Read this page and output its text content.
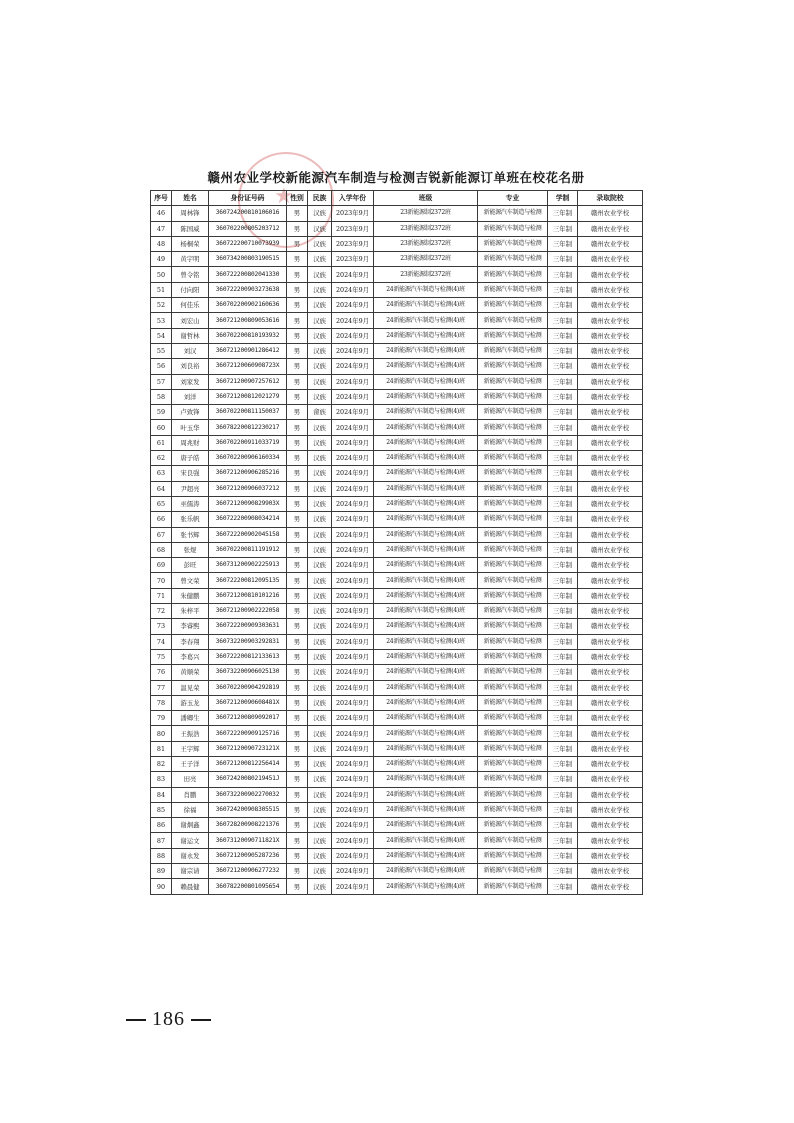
★
赣州农业学校新能源汽车制造与检测吉锐新能源订单班在校花名册
序号	姓名	身份证号码	性别	民族	入学年份	班级	专业	学制	录取院校
46	周林锋	360724200810106016	男	汉族	2023年9月	23新能源制2372班	新能源汽车制造与检测	三年制	赣州农业学校
47	陈国威	360702200805203712	男	汉族	2023年9月	23新能源制2372班	新能源汽车制造与检测	三年制	赣州农业学校
48	杨桐荣	360722200710073939	男	汉族	2023年9月	23新能源制2372班	新能源汽车制造与检测	三年制	赣州农业学校
49	黄宇明	360734200803190515	男	汉族	2023年9月	23新能源制2372班	新能源汽车制造与检测	三年制	赣州农业学校
50	曾令铭	360722200802041330	男	汉族	2024年9月	23新能源制2372班	新能源汽车制造与检测	三年制	赣州农业学校
51	付向阳	360722200903273638	男	汉族	2024年9月	24新能源汽车制造与检测(4)班	新能源汽车制造与检测	三年制	赣州农业学校
52	何佳乐	360702200902160636	男	汉族	2024年9月	24新能源汽车制造与检测(4)班	新能源汽车制造与检测	三年制	赣州农业学校
53	刘宏山	360721200809053616	男	汉族	2024年9月	24新能源汽车制造与检测(4)班	新能源汽车制造与检测	三年制	赣州农业学校
54	谢哲林	360702200810193932	男	汉族	2024年9月	24新能源汽车制造与检测(4)班	新能源汽车制造与检测	三年制	赣州农业学校
55	刘汉	360721200901286412	男	汉族	2024年9月	24新能源汽车制造与检测(4)班	新能源汽车制造与检测	三年制	赣州农业学校
56	刘良裕	36072120060908723X	男	汉族	2024年9月	24新能源汽车制造与检测(4)班	新能源汽车制造与检测	三年制	赣州农业学校
57	刘家发	360721200907257612	男	汉族	2024年9月	24新能源汽车制造与检测(4)班	新能源汽车制造与检测	三年制	赣州农业学校
58	刘洋	360721200812021279	男	汉族	2024年9月	24新能源汽车制造与检测(4)班	新能源汽车制造与检测	三年制	赣州农业学校
59	卢致锋	360702200811150037	男	畲族	2024年9月	24新能源汽车制造与检测(4)班	新能源汽车制造与检测	三年制	赣州农业学校
60	叶玉华	360782200812230217	男	汉族	2024年9月	24新能源汽车制造与检测(4)班	新能源汽车制造与检测	三年制	赣州农业学校
61	周兆财	360702200911033719	男	汉族	2024年9月	24新能源汽车制造与检测(4)班	新能源汽车制造与检测	三年制	赣州农业学校
62	唐子皓	360702200906160334	男	汉族	2024年9月	24新能源汽车制造与检测(4)班	新能源汽车制造与检测	三年制	赣州农业学校
63	宋良强	360721200906285216	男	汉族	2024年9月	24新能源汽车制造与检测(4)班	新能源汽车制造与检测	三年制	赣州农业学校
64	尹超亮	360721200906037212	男	汉族	2024年9月	24新能源汽车制造与检测(4)班	新能源汽车制造与检测	三年制	赣州农业学校
65	巫儒涛	36072120090829903X	男	汉族	2024年9月	24新能源汽车制造与检测(4)班	新能源汽车制造与检测	三年制	赣州农业学校
66	张乐帆	360722200908034214	男	汉族	2024年9月	24新能源汽车制造与检测(4)班	新能源汽车制造与检测	三年制	赣州农业学校
67	张书辉	360722200902045158	男	汉族	2024年9月	24新能源汽车制造与检测(4)班	新能源汽车制造与检测	三年制	赣州农业学校
68	张煜	360702200811191912	男	汉族	2024年9月	24新能源汽车制造与检测(4)班	新能源汽车制造与检测	三年制	赣州农业学校
69	彭旺	360731200902225913	男	汉族	2024年9月	24新能源汽车制造与检测(4)班	新能源汽车制造与检测	三年制	赣州农业学校
70	曾文荣	360722200812095135	男	汉族	2024年9月	24新能源汽车制造与检测(4)班	新能源汽车制造与检测	三年制	赣州农业学校
71	朱健鹏	360721200810101216	男	汉族	2024年9月	24新能源汽车制造与检测(4)班	新能源汽车制造与检测	三年制	赣州农业学校
72	朱梓平	360721200902222058	男	汉族	2024年9月	24新能源汽车制造与检测(4)班	新能源汽车制造与检测	三年制	赣州农业学校
73	李睿熙	360722200909303631	男	汉族	2024年9月	24新能源汽车制造与检测(4)班	新能源汽车制造与检测	三年制	赣州农业学校
74	李春翔	360732200903292831	男	汉族	2024年9月	24新能源汽车制造与检测(4)班	新能源汽车制造与检测	三年制	赣州农业学校
75	李葛兴	360722200812133613	男	汉族	2024年9月	24新能源汽车制造与检测(4)班	新能源汽车制造与检测	三年制	赣州农业学校
76	黄顺荣	360732200906025130	男	汉族	2024年9月	24新能源汽车制造与检测(4)班	新能源汽车制造与检测	三年制	赣州农业学校
77	温见荣	360702200904292819	男	汉族	2024年9月	24新能源汽车制造与检测(4)班	新能源汽车制造与检测	三年制	赣州农业学校
78	游玉龙	36072120090608481X	男	汉族	2024年9月	24新能源汽车制造与检测(4)班	新能源汽车制造与检测	三年制	赣州农业学校
79	潘卿生	360721200809092017	男	汉族	2024年9月	24新能源汽车制造与检测(4)班	新能源汽车制造与检测	三年制	赣州农业学校
80	王振浩	360722200909125716	男	汉族	2024年9月	24新能源汽车制造与检测(4)班	新能源汽车制造与检测	三年制	赣州农业学校
81	王宇辉	36072120090723121X	男	汉族	2024年9月	24新能源汽车制造与检测(4)班	新能源汽车制造与检测	三年制	赣州农业学校
82	王子洋	360721200812256414	男	汉族	2024年9月	24新能源汽车制造与检测(4)班	新能源汽车制造与检测	三年制	赣州农业学校
83	田亮	36072420080219451J	男	汉族	2024年9月	24新能源汽车制造与检测(4)班	新能源汽车制造与检测	三年制	赣州农业学校
84	肖鹏	360732200902270032	男	汉族	2024年9月	24新能源汽车制造与检测(4)班	新能源汽车制造与检测	三年制	赣州农业学校
85	徐福	360724200908305515	男	汉族	2024年9月	24新能源汽车制造与检测(4)班	新能源汽车制造与检测	三年制	赣州农业学校
86	谢炯鑫	360728200908221376	男	汉族	2024年9月	24新能源汽车制造与检测(4)班	新能源汽车制造与检测	三年制	赣州农业学校
87	谢运文	36073120090711821X	男	汉族	2024年9月	24新能源汽车制造与检测(4)班	新能源汽车制造与检测	三年制	赣州农业学校
88	谢永发	360721200905287236	男	汉族	2024年9月	24新能源汽车制造与检测(4)班	新能源汽车制造与检测	三年制	赣州农业学校
89	谢宗请	360721200906277232	男	汉族	2024年9月	24新能源汽车制造与检测(4)班	新能源汽车制造与检测	三年制	赣州农业学校
90	赖晨健	360782200801095654	男	汉族	2024年9月	24新能源汽车制造与检测(4)班	新能源汽车制造与检测	三年制	赣州农业学校
186
